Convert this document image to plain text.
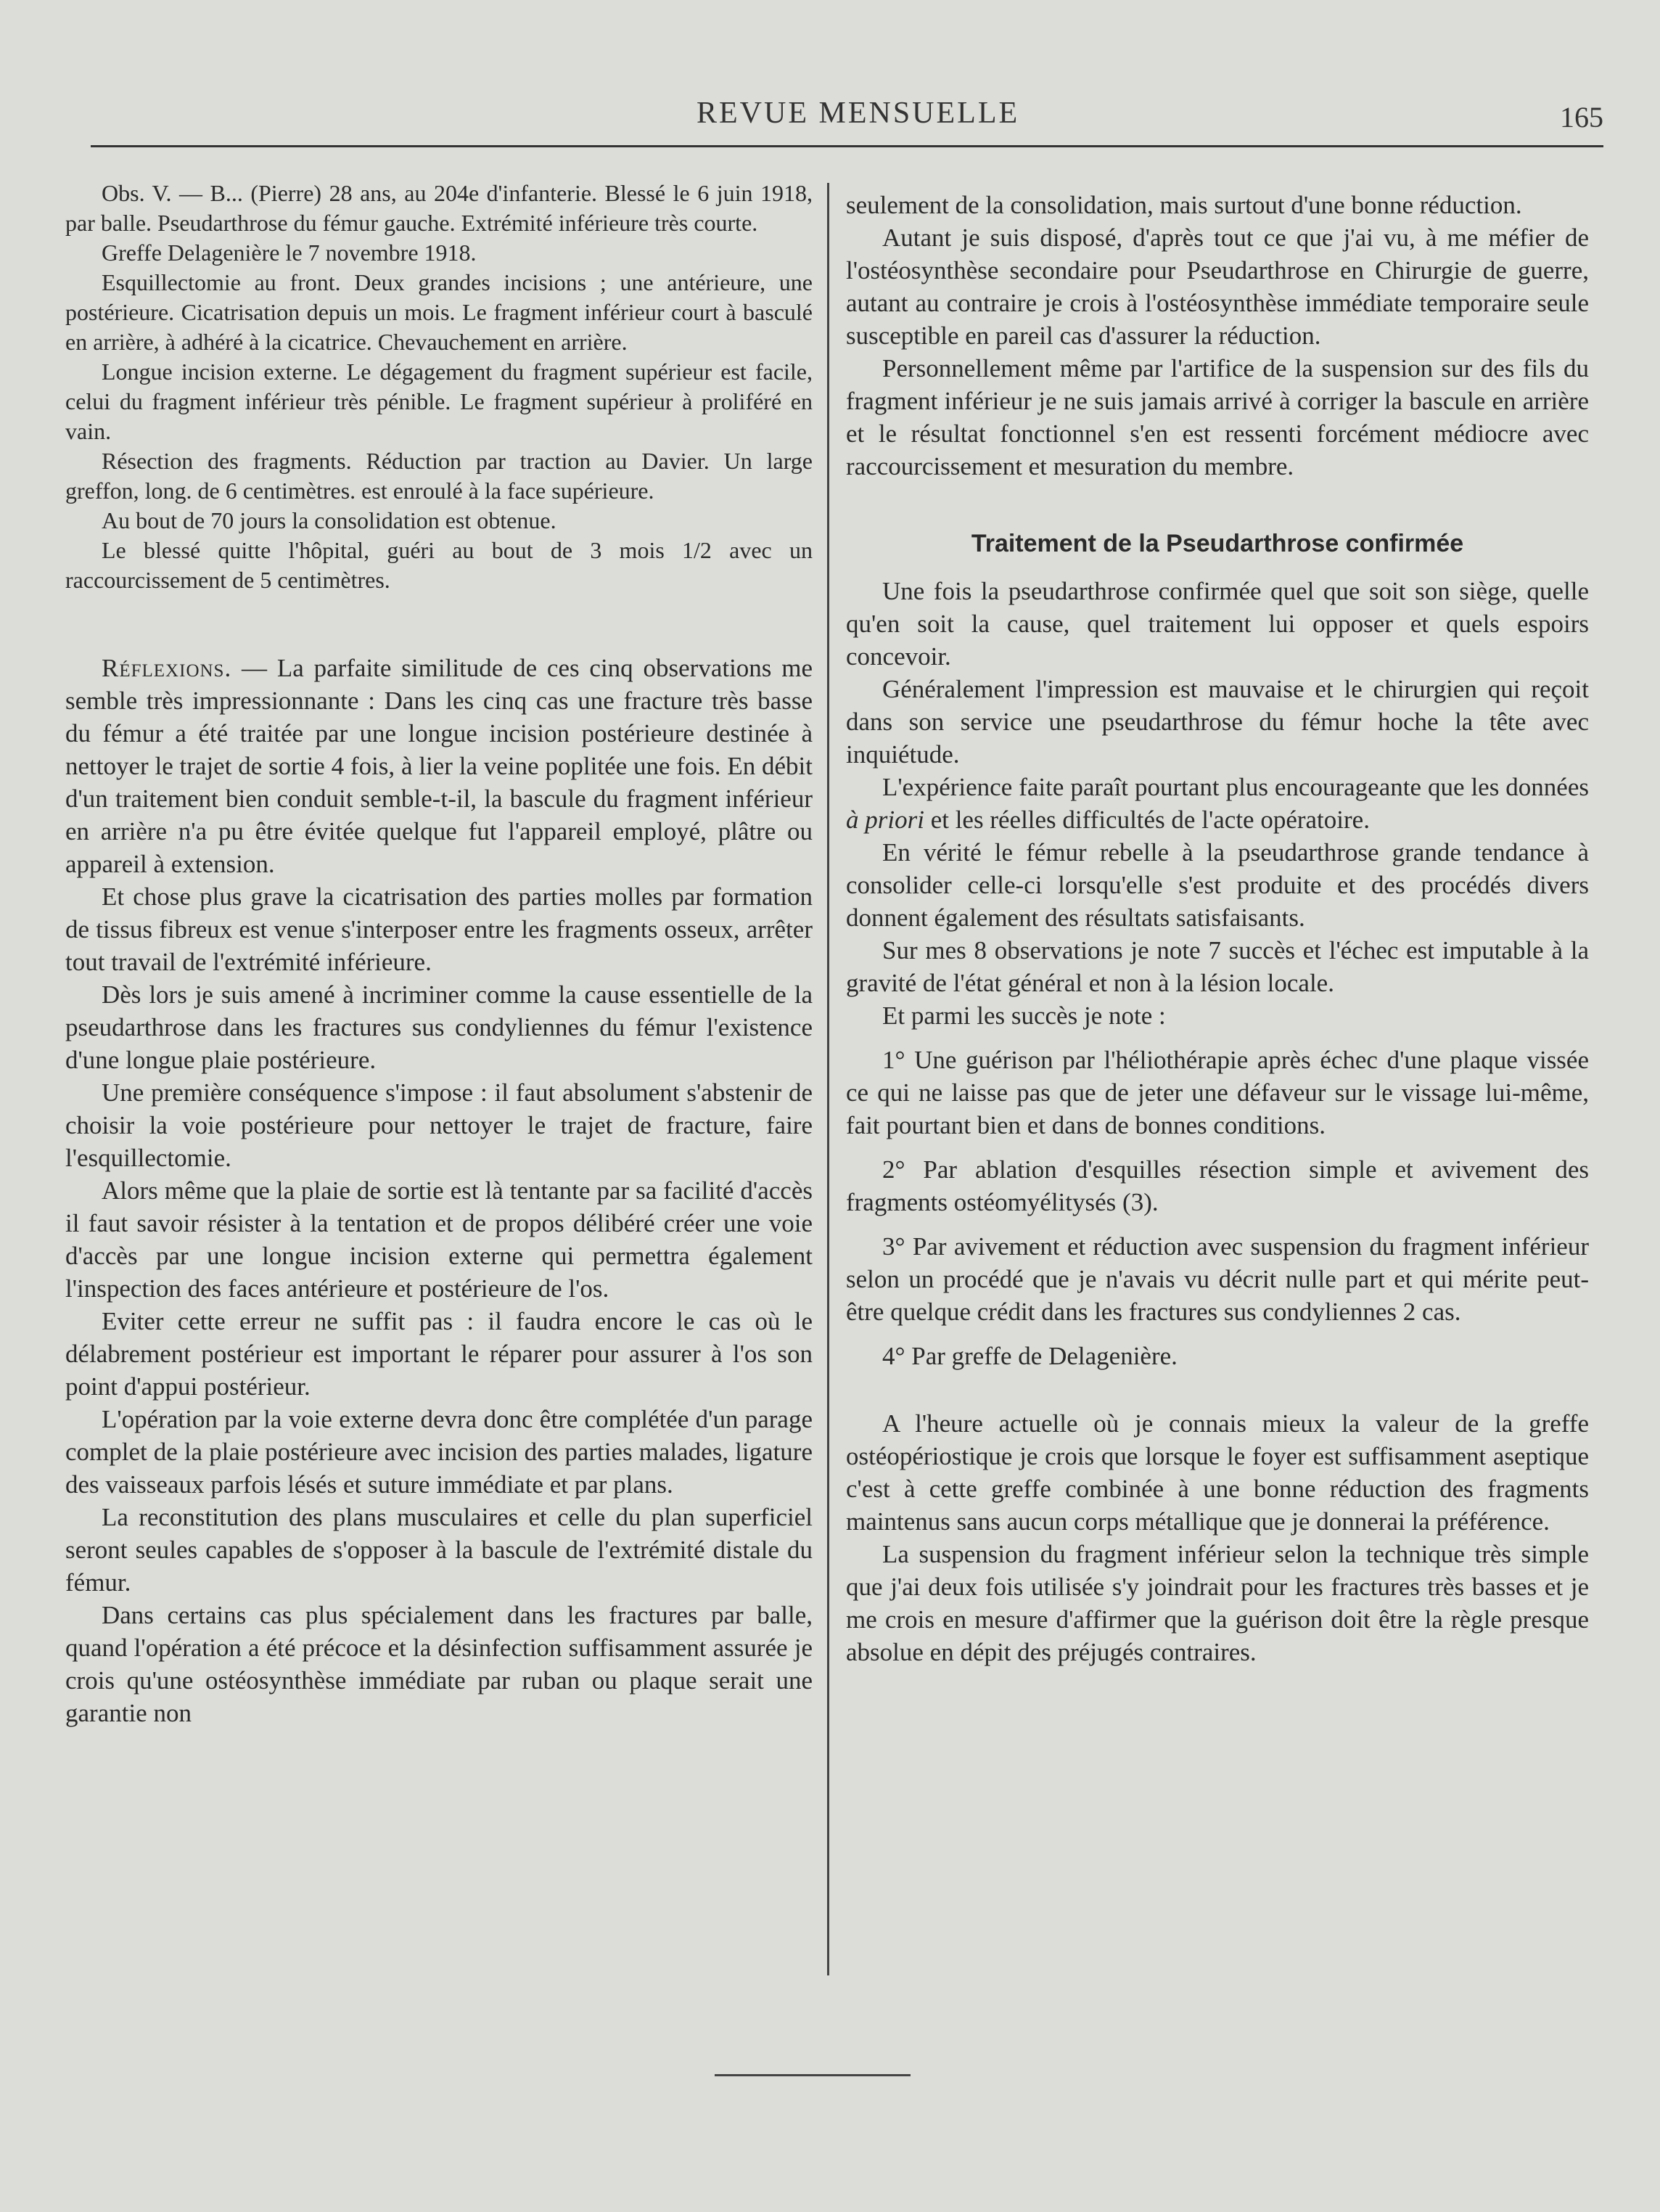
REVUE MENSUELLE	165

Obs. V. — B... (Pierre) 28 ans, au 204e d'infanterie. Blessé le 6 juin 1918, par balle. Pseudarthrose du fémur gauche. Extrémité inférieure très courte.

Greffe Delagenière le 7 novembre 1918.

Esquillectomie au front. Deux grandes incisions ; une antérieure, une postérieure. Cicatrisation depuis un mois. Le fragment inférieur court à basculé en arrière, à adhéré à la cicatrice. Chevauchement en arrière.

Longue incision externe. Le dégagement du fragment supérieur est facile, celui du fragment inférieur très pénible. Le fragment supérieur à proliféré en vain.

Résection des fragments. Réduction par traction au Davier. Un large greffon, long. de 6 centimètres. est enroulé à la face supérieure.

Au bout de 70 jours la consolidation est obtenue.

Le blessé quitte l'hôpital, guéri au bout de 3 mois 1/2 avec un raccourcissement de 5 centimètres.

Réflexions. — La parfaite similitude de ces cinq observations me semble très impressionnante : Dans les cinq cas une fracture très basse du fémur a été traitée par une longue incision postérieure destinée à nettoyer le trajet de sortie 4 fois, à lier la veine poplitée une fois. En débit d'un traitement bien conduit semble-t-il, la bascule du fragment inférieur en arrière n'a pu être évitée quelque fut l'appareil employé, plâtre ou appareil à extension.

Et chose plus grave la cicatrisation des parties molles par formation de tissus fibreux est venue s'interposer entre les fragments osseux, arrêter tout travail de l'extrémité inférieure.

Dès lors je suis amené à incriminer comme la cause essentielle de la pseudarthrose dans les fractures sus condyliennes du fémur l'existence d'une longue plaie postérieure.

Une première conséquence s'impose : il faut absolument s'abstenir de choisir la voie postérieure pour nettoyer le trajet de fracture, faire l'esquillectomie.

Alors même que la plaie de sortie est là tentante par sa facilité d'accès il faut savoir résister à la tentation et de propos délibéré créer une voie d'accès par une longue incision externe qui permettra également l'inspection des faces antérieure et postérieure de l'os.

Eviter cette erreur ne suffit pas : il faudra encore le cas où le délabrement postérieur est important le réparer pour assurer à l'os son point d'appui postérieur.

L'opération par la voie externe devra donc être complétée d'un parage complet de la plaie postérieure avec incision des parties malades, ligature des vaisseaux parfois lésés et suture immédiate et par plans.

La reconstitution des plans musculaires et celle du plan superficiel seront seules capables de s'opposer à la bascule de l'extrémité distale du fémur.

Dans certains cas plus spécialement dans les fractures par balle, quand l'opération a été précoce et la désinfection suffisamment assurée je crois qu'une ostéosynthèse immédiate par ruban ou plaque serait une garantie non

seulement de la consolidation, mais surtout d'une bonne réduction.

Autant je suis disposé, d'après tout ce que j'ai vu, à me méfier de l'ostéosynthèse secondaire pour Pseudarthrose en Chirurgie de guerre, autant au contraire je crois à l'ostéosynthèse immédiate temporaire seule susceptible en pareil cas d'assurer la réduction.

Personnellement même par l'artifice de la suspension sur des fils du fragment inférieur je ne suis jamais arrivé à corriger la bascule en arrière et le résultat fonctionnel s'en est ressenti forcément médiocre avec raccourcissement et mesuration du membre.

Traitement de la Pseudarthrose confirmée

Une fois la pseudarthrose confirmée quel que soit son siège, quelle qu'en soit la cause, quel traitement lui opposer et quels espoirs concevoir.

Généralement l'impression est mauvaise et le chirurgien qui reçoit dans son service une pseudarthrose du fémur hoche la tête avec inquiétude.

L'expérience faite paraît pourtant plus encourageante que les données à priori et les réelles difficultés de l'acte opératoire.

En vérité le fémur rebelle à la pseudarthrose grande tendance à consolider celle-ci lorsqu'elle s'est produite et des procédés divers donnent également des résultats satisfaisants.

Sur mes 8 observations je note 7 succès et l'échec est imputable à la gravité de l'état général et non à la lésion locale.

Et parmi les succès je note :

1° Une guérison par l'héliothérapie après échec d'une plaque vissée ce qui ne laisse pas que de jeter une défaveur sur le vissage lui-même, fait pourtant bien et dans de bonnes conditions.

2° Par ablation d'esquilles résection simple et avivement des fragments ostéomyélitysés (3).

3° Par avivement et réduction avec suspension du fragment inférieur selon un procédé que je n'avais vu décrit nulle part et qui mérite peut-être quelque crédit dans les fractures sus condyliennes 2 cas.

4° Par greffe de Delagenière.

A l'heure actuelle où je connais mieux la valeur de la greffe ostéopériostique je crois que lorsque le foyer est suffisamment aseptique c'est à cette greffe combinée à une bonne réduction des fragments maintenus sans aucun corps métallique que je donnerai la préférence.

La suspension du fragment inférieur selon la technique très simple que j'ai deux fois utilisée s'y joindrait pour les fractures très basses et je me crois en mesure d'affirmer que la guérison doit être la règle presque absolue en dépit des préjugés contraires.
